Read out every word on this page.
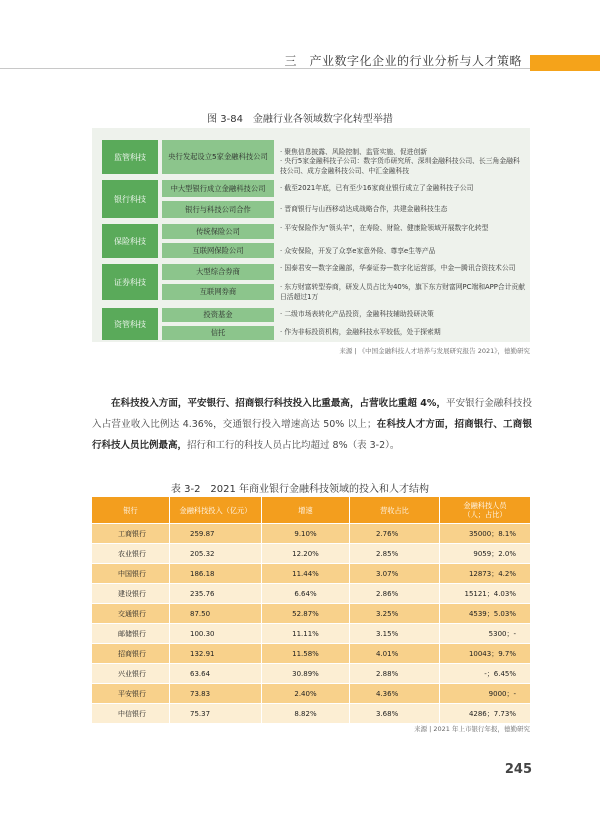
三　产业数字化企业的行业分析与人才策略
图 3-84　金融行业各领域数字化转型举措
监管科技	央行发起设立5家金融科技公司

· 聚焦信息披露、风险控制、监管实施、促进创新
· 央行5家金融科技子公司：数字货币研究所、深圳金融科技公司、长三角金融科技公司、成方金融科技公司、中汇金融科技

银行科技
中大型银行成立金融科技公司	· 截至2021年底，已有至少16家商业银行成立了金融科技子公司
银行与科技公司合作	· 晋商银行与山西移动达成战略合作，共建金融科技生态
保险科技
传统保险公司	· 平安保险作为“领头羊”，在寿险、财险、健康险领域开展数字化转型
互联网保险公司	· 众安保险，开发了众享e家意外险、尊享e生等产品
证券科技
大型综合券商	· 国泰君安—数字金融部，华泰证券—数字化运营部，中金—腾讯合资技术公司
互联网券商	· 东方财富转型券商，研发人员占比为40%，旗下东方财富网PC端和APP合计贡献日活超过1万
资管科技
投资基金	· 二级市场表转化产品投资，金融科技辅助投研决策
信托	· 作为非标投资机构，金融科技水平较低，处于探索期
来源 | 《中国金融科技人才培养与发展研究报告 2021》，德勤研究
在科技投入方面，平安银行、招商银行科技投入比重最高，占营收比重超 4%，平安银行金融科技投入占营业收入比例达 4.36%，交通银行投入增速高达 50% 以上；在科技人才方面，招商银行、工商银行科技人员比例最高，招行和工行的科技人员占比均超过 8%（表 3-2）。
表 3-2　2021 年商业银行金融科技领域的投入和人才结构
银行	金融科技投入（亿元）	增速	营收占比	金融科技人员
（人；占比）
工商银行	259.87	9.10%	2.76%	35000；8.1%
农业银行	205.32	12.20%	2.85%	9059；2.0%
中国银行	186.18	11.44%	3.07%	12873；4.2%
建设银行	235.76	6.64%	2.86%	15121；4.03%
交通银行	87.50	52.87%	3.25%	4539；5.03%
邮储银行	100.30	11.11%	3.15%	5300；-
招商银行	132.91	11.58%	4.01%	10043；9.7%
兴业银行	63.64	30.89%	2.88%	-；6.45%
平安银行	73.83	2.40%	4.36%	9000；-
中信银行	75.37	8.82%	3.68%	4286；7.73%
来源 | 2021 年上市银行年报，德勤研究
245
